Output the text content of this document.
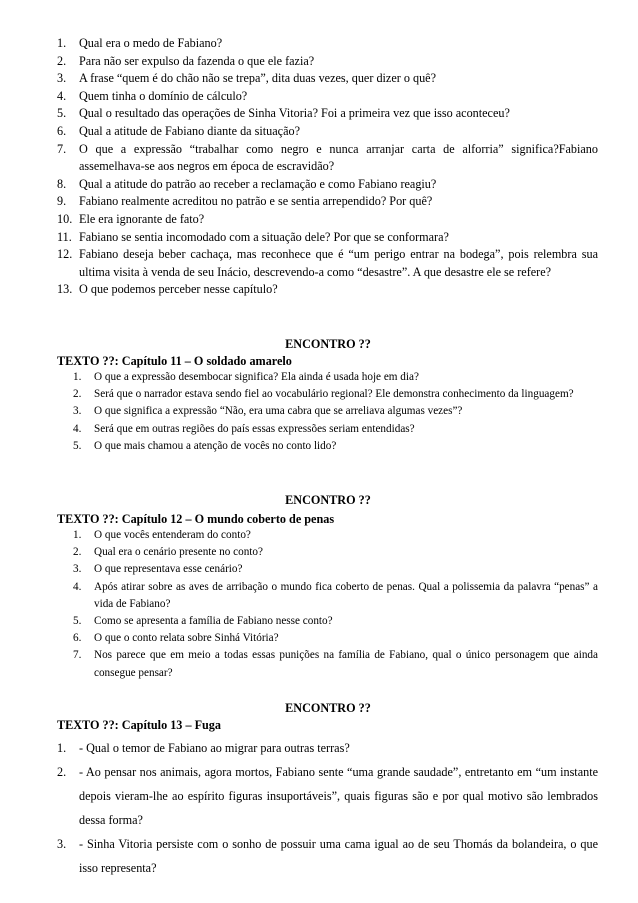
1. Qual era o medo de Fabiano?
2. Para não ser expulso da fazenda o que ele fazia?
3. A frase “quem é do chão não se trepa”, dita duas vezes, quer dizer o quê?
4. Quem tinha o domínio de cálculo?
5. Qual o resultado das operações de Sinha Vitoria? Foi a primeira vez que isso aconteceu?
6. Qual a atitude de Fabiano diante da situação?
7. O que a expressão “trabalhar como negro e nunca arranjar carta de alforria” significa?Fabiano assemelhava-se aos negros em época de escravidão?
8. Qual a atitude do patrão ao receber a reclamação e como Fabiano reagiu?
9. Fabiano realmente acreditou no patrão e se sentia arrependido? Por quê?
10. Ele era ignorante de fato?
11. Fabiano se sentia incomodado com a situação dele? Por que se conformara?
12. Fabiano deseja beber cachaça, mas reconhece que é “um perigo entrar na bodega”, pois relembra sua ultima visita à venda de seu Inácio, descrevendo-a como “desastre”. A que desastre ele se refere?
13. O que podemos perceber nesse capítulo?
ENCONTRO ??
TEXTO ??: Capítulo 11 – O soldado amarelo
1. O que a expressão desembocar significa? Ela ainda é usada hoje em dia?
2. Será que o narrador estava sendo fiel ao vocabulário regional? Ele demonstra conhecimento da linguagem?
3. O que significa a expressão “Não, era uma cabra que se arreliava algumas vezes”?
4. Será que em outras regiões do país essas expressões seriam entendidas?
5. O que mais chamou a atenção de vocês no conto lido?
ENCONTRO ??
TEXTO ??: Capítulo 12 – O mundo coberto de penas
1. O que vocês entenderam do conto?
2. Qual era o cenário presente no conto?
3. O que representava esse cenário?
4. Após atirar sobre as aves de arribação o mundo fica coberto de penas. Qual a polissemia da palavra “penas” a vida de Fabiano?
5. Como se apresenta a família de Fabiano nesse conto?
6. O que o conto relata sobre Sinhá Vitória?
7. Nos parece que em meio a todas essas punições na família de Fabiano, qual o único personagem que ainda consegue pensar?
ENCONTRO ??
TEXTO ??: Capítulo 13 – Fuga
1. - Qual o temor de Fabiano ao migrar para outras terras?
2. - Ao pensar nos animais, agora mortos, Fabiano sente “uma grande saudade”, entretanto em “um instante depois vieram-lhe ao espírito figuras insuportáveis”, quais figuras são e por qual motivo são lembrados dessa forma?
3. - Sinha Vitoria persiste com o sonho de possuir uma cama igual ao de seu Thomás da bolandeira, o que isso representa?
